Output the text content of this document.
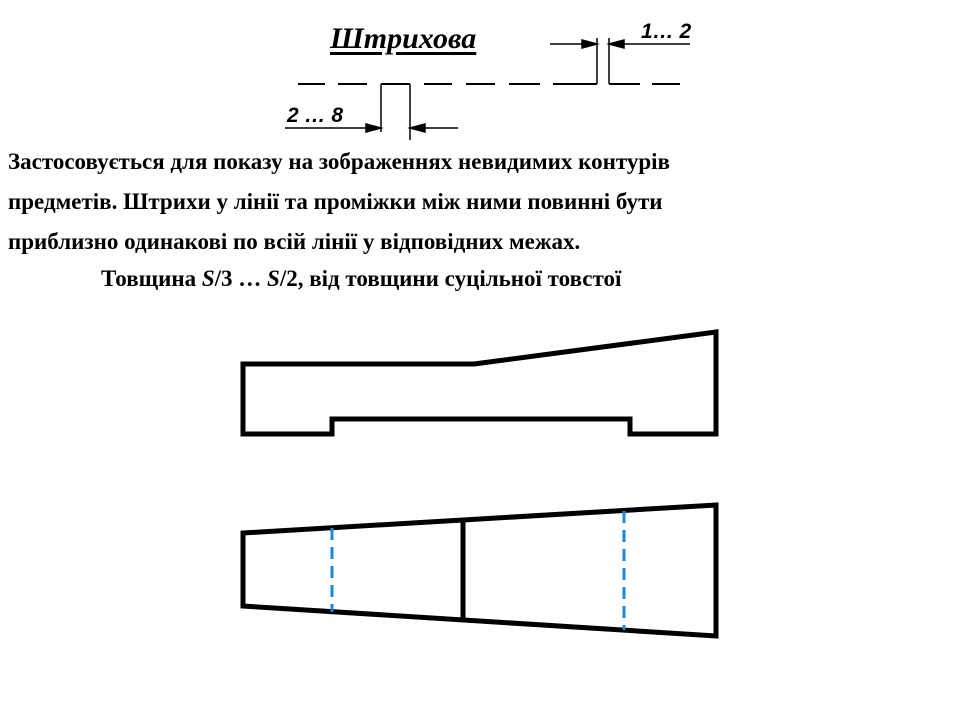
Штрихова	1… 2
2 … 8

Застосовується для показу на зображеннях невидимих контурів
предметів. Штрихи у лінії та проміжки між ними повинні бути
приблизно одинакові по всій лінії у відповідних межах.

Товщина S/3 … S/2, від товщини суцільної товстої
